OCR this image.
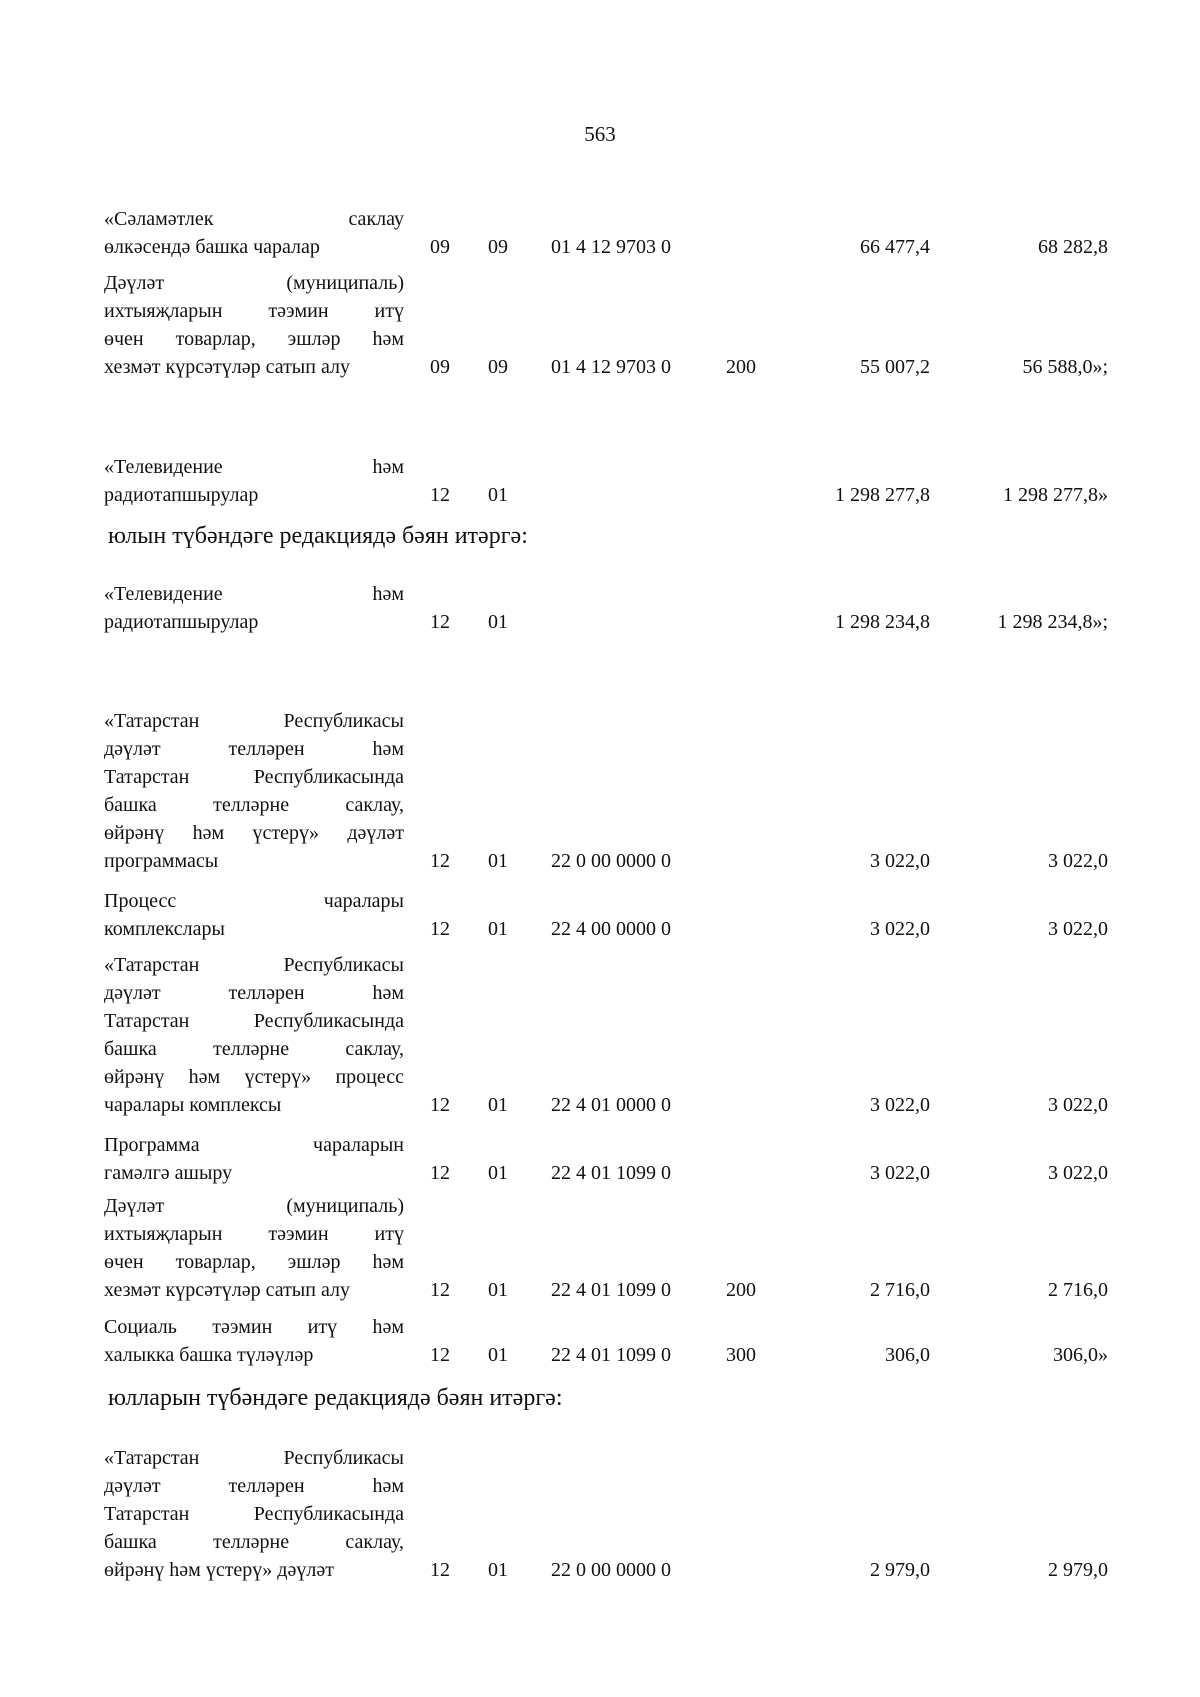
563
«Сәламәтлек саклау
өлкәсендә башка чаралар	09 09 01 4 12 9703 0	66 477,4	68 282,8
Дәүләт (муниципаль)
ихтыяҗларын тәэмин итү
өчен товарлар, эшләр һәм
хезмәт күрсәтүләр сатып алу	09 09 01 4 12 9703 0	200	55 007,2	56 588,0»;
«Телевидение һәм
радиотапшырулар	12 01	1 298 277,8	1 298 277,8»
юлын түбәндәге редакциядә бәян итәргә:
«Телевидение һәм
радиотапшырулар	12 01	1 298 234,8	1 298 234,8»;
«Татарстан Республикасы
дәүләт телләрен һәм
Татарстан Республикасында
башка телләрне саклау,
өйрәнү һәм үстерү» дәүләт
программасы	12 01 22 0 00 0000 0	3 022,0	3 022,0
Процесс чаралары
комплекслары	12 01 22 4 00 0000 0	3 022,0	3 022,0
«Татарстан Республикасы
дәүләт телләрен һәм
Татарстан Республикасында
башка телләрне саклау,
өйрәнү һәм үстерү» процесс
чаралары комплексы	12 01 22 4 01 0000 0	3 022,0	3 022,0
Программа чараларын
гамәлгә ашыру	12 01 22 4 01 1099 0	3 022,0	3 022,0
Дәүләт (муниципаль)
ихтыяҗларын тәэмин итү
өчен товарлар, эшләр һәм
хезмәт күрсәтүләр сатып алу	12 01 22 4 01 1099 0	200	2 716,0	2 716,0
Социаль тәэмин итү һәм
халыкка башка түләүләр	12 01 22 4 01 1099 0	300	306,0	306,0»
юлларын түбәндәге редакциядә бәян итәргә:
«Татарстан Республикасы
дәүләт телләрен һәм
Татарстан Республикасында
башка телләрне саклау,
өйрәнү һәм үстерү» дәүләт	12 01 22 0 00 0000 0	2 979,0	2 979,0
